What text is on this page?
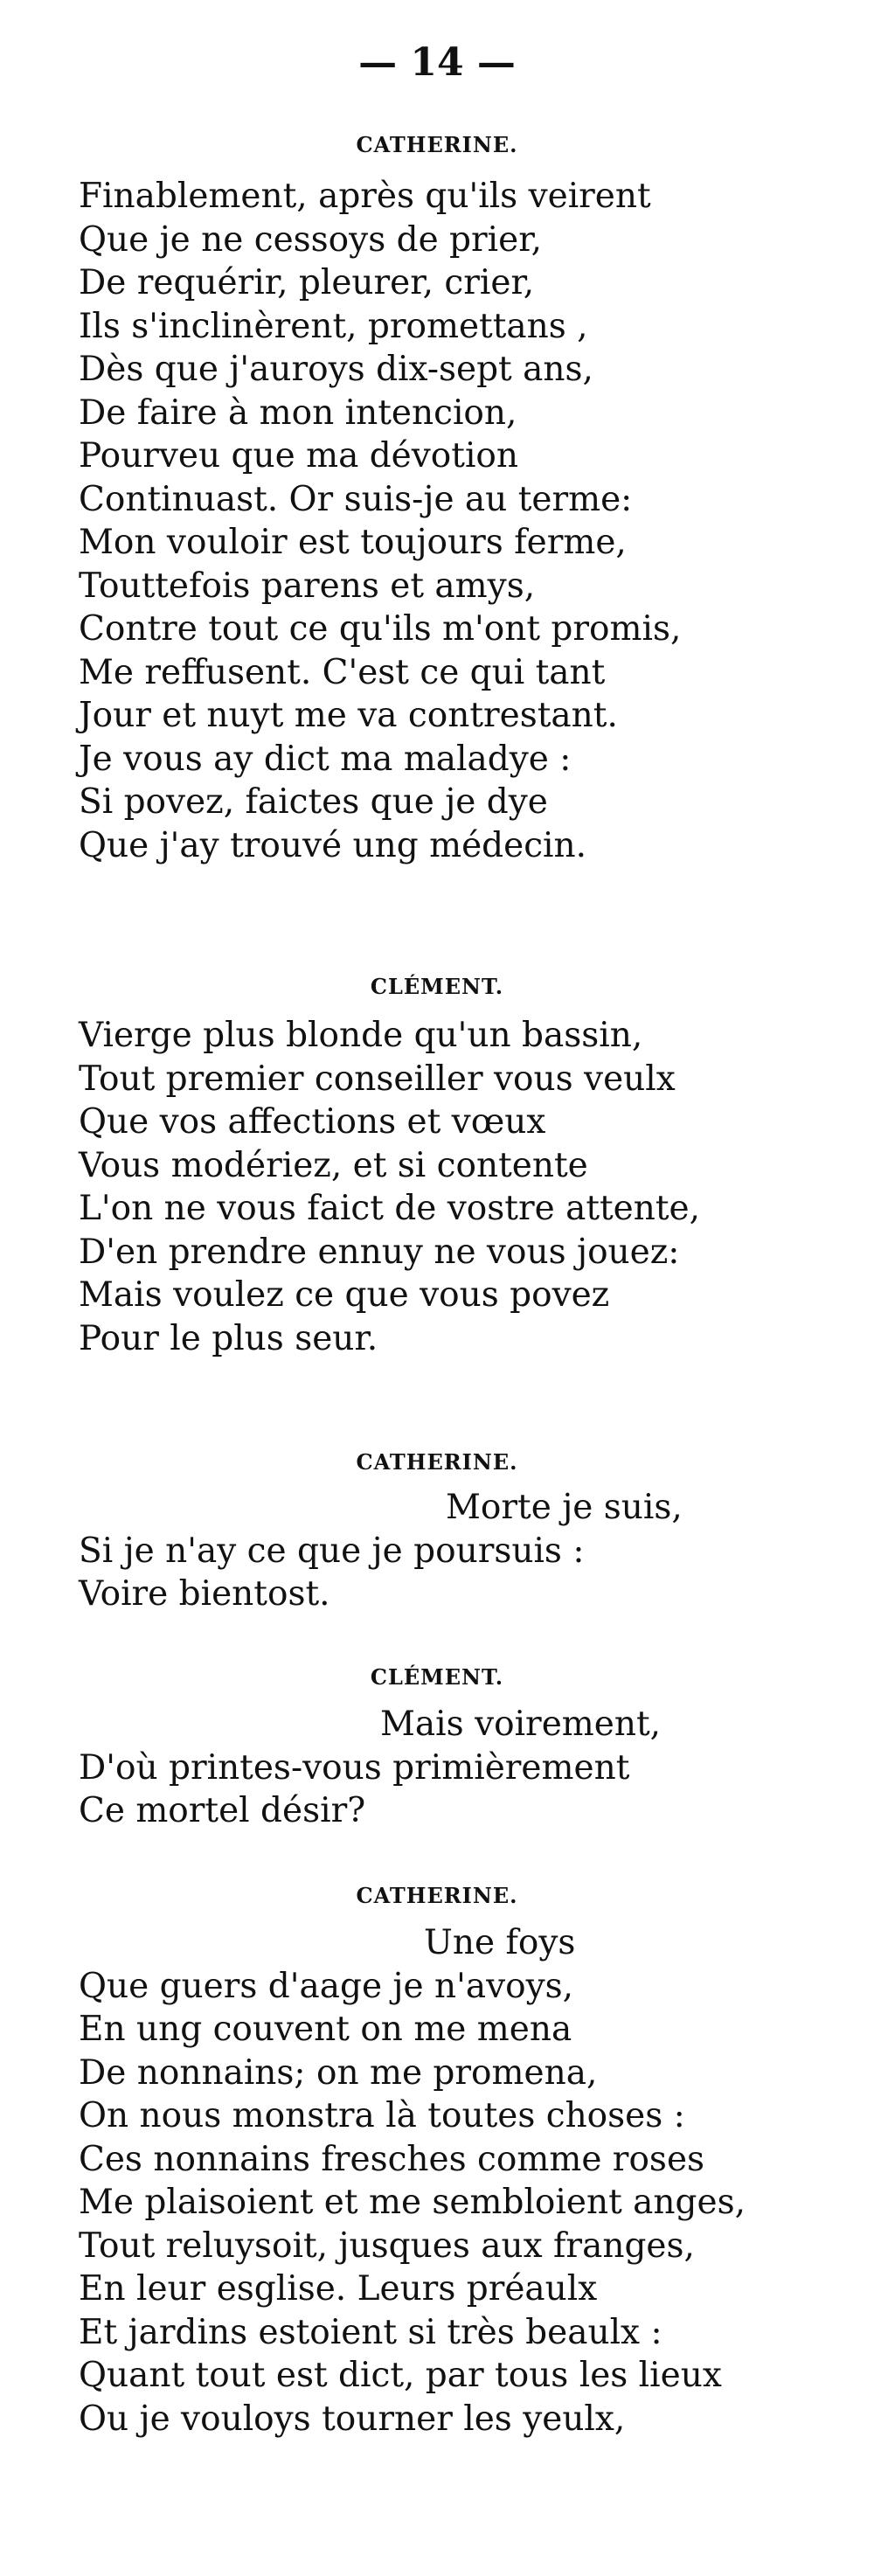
— 14 —
CATHERINE.
Finablement, après qu'ils veirent
Que je ne cessoys de prier,
De requérir, pleurer, crier,
Ils s'inclinèrent, promettans ,
Dès que j'auroys dix-sept ans,
De faire à mon intencion,
Pourveu que ma dévotion
Continuast. Or suis-je au terme:
Mon vouloir est toujours ferme,
Touttefois parens et amys,
Contre tout ce qu'ils m'ont promis,
Me reffusent. C'est ce qui tant
Jour et nuyt me va contrestant.
Je vous ay dict ma maladye :
Si povez, faictes que je dye
Que j'ay trouvé ung médecin.
CLÉMENT.
Vierge plus blonde qu'un bassin,
Tout premier conseiller vous veulx
Que vos affections et vœux
Vous modériez, et si contente
L'on ne vous faict de vostre attente,
D'en prendre ennuy ne vous jouez:
Mais voulez ce que vous povez
Pour le plus seur.
CATHERINE.
Morte je suis,
Si je n'ay ce que je poursuis :
Voire bientost.
CLÉMENT.
Mais voirement,
D'où printes-vous primièrement
Ce mortel désir?
CATHERINE.
Une foys
Que guers d'aage je n'avoys,
En ung couvent on me mena
De nonnains; on me promena,
On nous monstra là toutes choses :
Ces nonnains fresches comme roses
Me plaisoient et me sembloient anges,
Tout reluysoit, jusques aux franges,
En leur esglise. Leurs préaulx
Et jardins estoient si très beaulx :
Quant tout est dict, par tous les lieux
Ou je vouloys tourner les yeulx,
